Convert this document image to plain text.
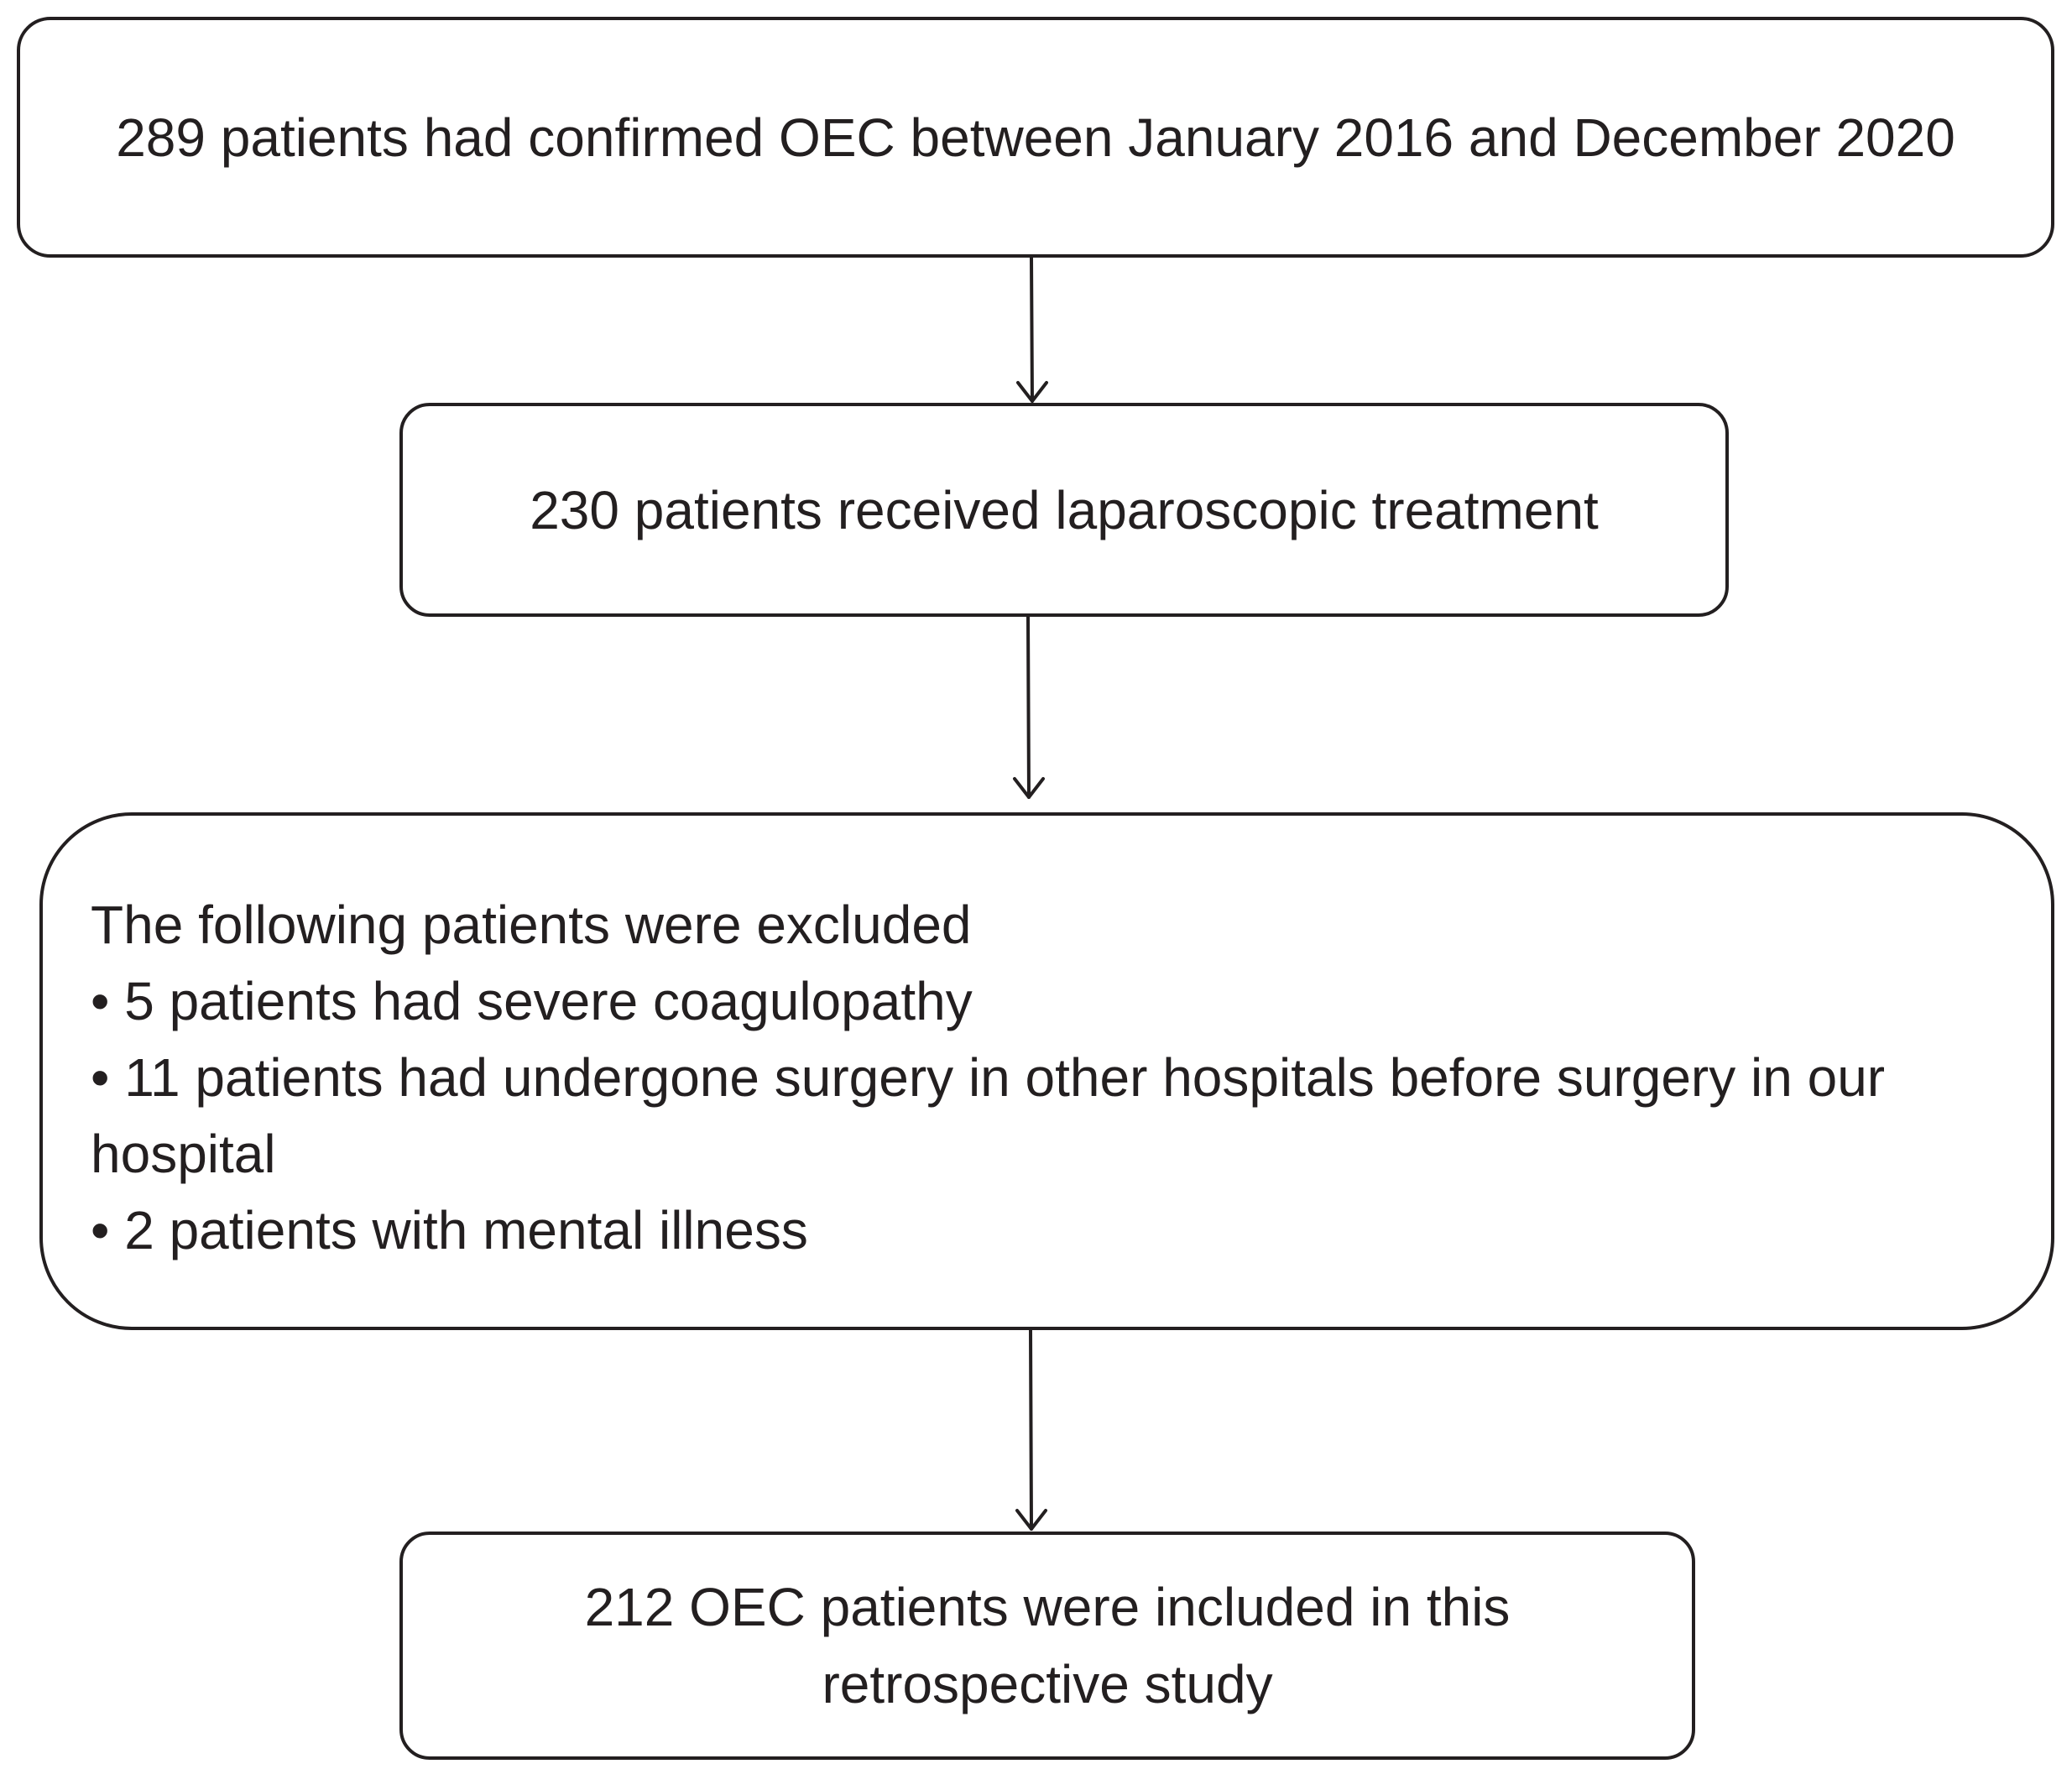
289 patients had confirmed OEC between January 2016 and December 2020
230 patients received laparoscopic treatment
The following patients were excluded
• 5 patients had severe coagulopathy
• 11 patients had undergone surgery in other hospitals before surgery in our hospital
• 2 patients with mental illness
212 OEC patients were included in this
retrospective study
